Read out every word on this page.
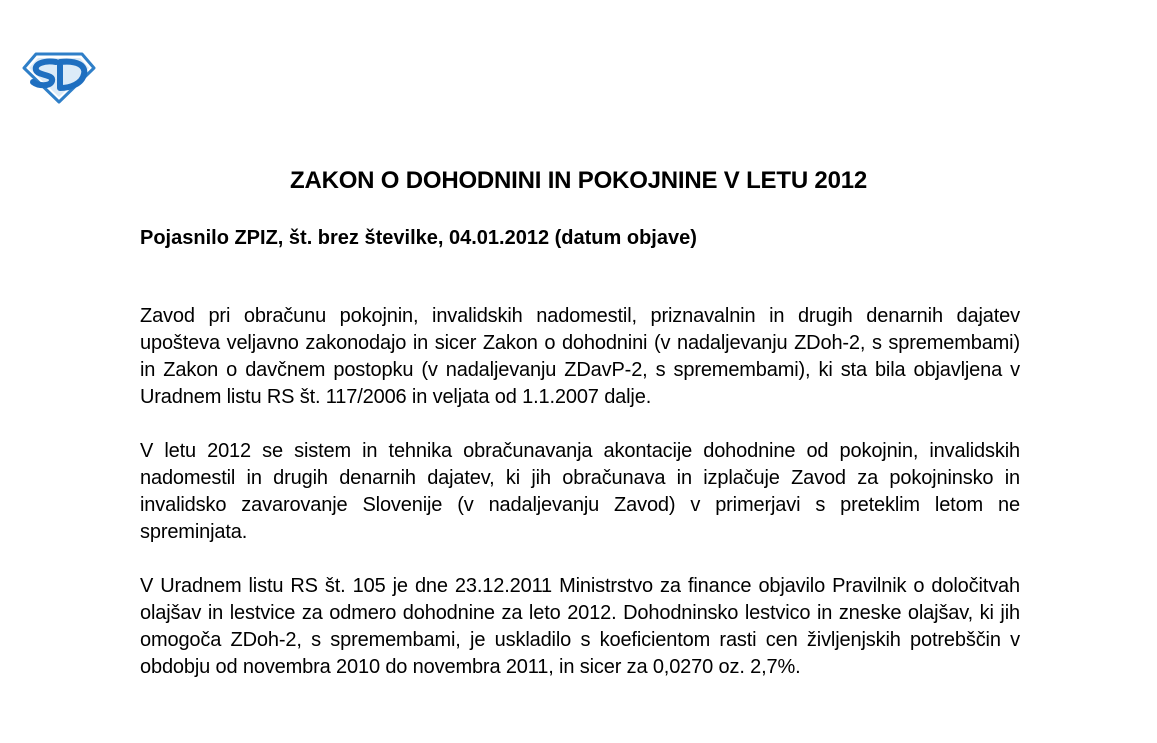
ZAKON O DOHODNINI IN POKOJNINE V LETU 2012

Pojasnilo ZPIZ, št. brez številke, 04.01.2012 (datum objave)

Zavod pri obračunu pokojnin, invalidskih nadomestil, priznavalnin in drugih denarnih dajatev upošteva veljavno zakonodajo in sicer Zakon o dohodnini (v nadaljevanju ZDoh-2, s spremembami) in Zakon o davčnem postopku (v nadaljevanju ZDavP-2, s spremembami), ki sta bila objavljena v Uradnem listu RS št. 117/2006 in veljata od 1.1.2007 dalje.

V letu 2012 se sistem in tehnika obračunavanja akontacije dohodnine od pokojnin, invalidskih nadomestil in drugih denarnih dajatev, ki jih obračunava in izplačuje Zavod za pokojninsko in invalidsko zavarovanje Slovenije (v nadaljevanju Zavod) v primerjavi s preteklim letom ne spreminjata.

V Uradnem listu RS št. 105 je dne 23.12.2011 Ministrstvo za finance objavilo Pravilnik o določitvah olajšav in lestvice za odmero dohodnine za leto 2012. Dohodninsko lestvico in zneske olajšav, ki jih omogoča ZDoh-2, s spremembami, je uskladilo s koeficientom rasti cen življenjskih potrebščin v obdobju od novembra 2010 do novembra 2011, in sicer za 0,0270 oz. 2,7%.
